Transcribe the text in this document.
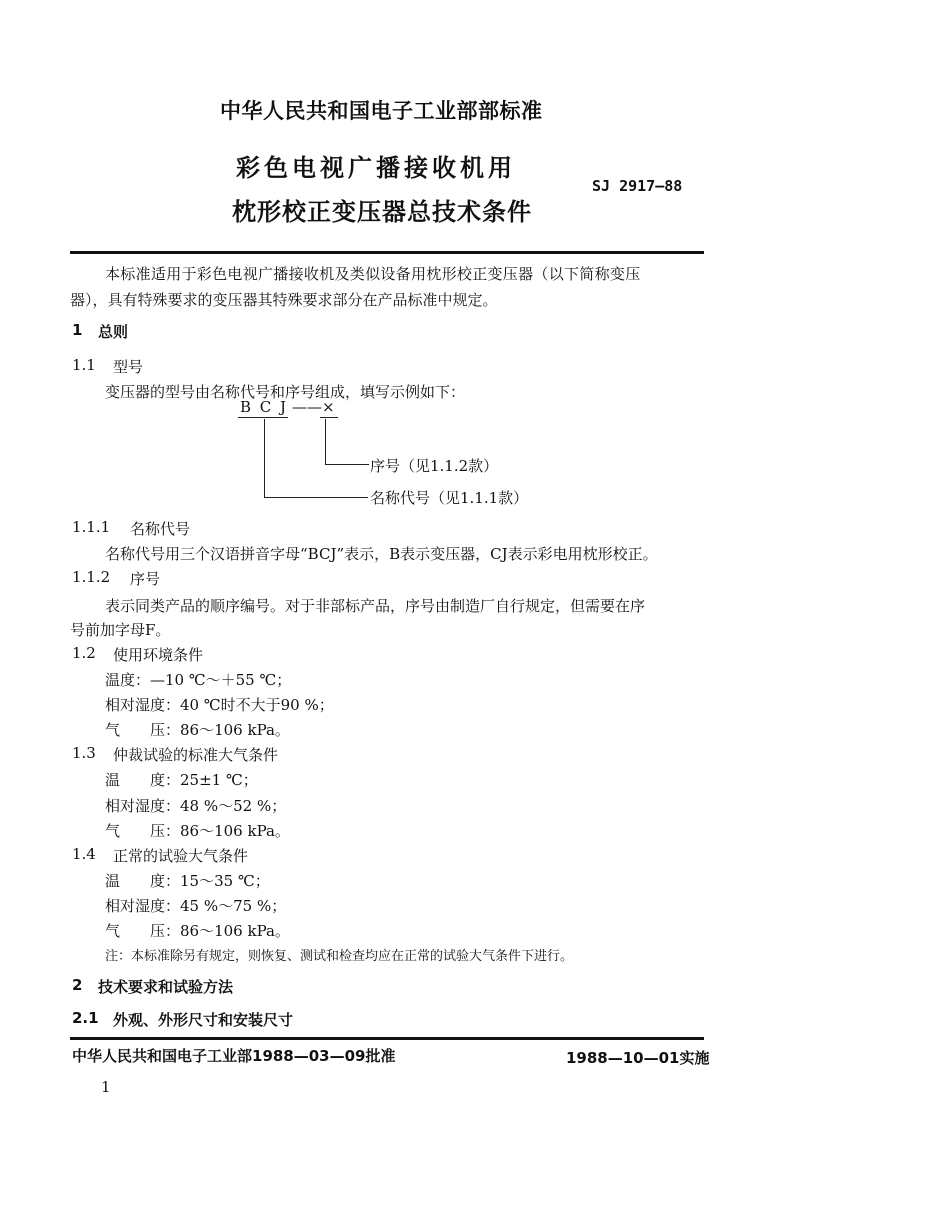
中华人民共和国电子工业部部标准
彩色电视广播接收机用
枕形校正变压器总技术条件
SJ 2917—88
本标准适用于彩色电视广播接收机及类似设备用枕形校正变压器（以下简称变压
器），具有特殊要求的变压器其特殊要求部分在产品标准中规定。
1 总则
1.1 型号
变压器的型号由名称代号和序号组成，填写示例如下：
B C J ——×
序号（见1.1.2款）
名称代号（见1.1.1款）
1.1.1 名称代号
名称代号用三个汉语拼音字母“BCJ”表示，B表示变压器，CJ表示彩电用枕形校正。
1.1.2 序号
表示同类产品的顺序编号。对于非部标产品，序号由制造厂自行规定，但需要在序
号前加字母F。
1.2 使用环境条件
温度：—10 ℃～＋55 ℃；
相对湿度：40 ℃时不大于90 %；
气　　压：86～106 kPa。
1.3 仲裁试验的标准大气条件
温　　度：25±1 ℃；
相对湿度：48 %～52 %；
气　　压：86～106 kPa。
1.4 正常的试验大气条件
温　　度：15～35 ℃；
相对湿度：45 %～75 %；
气　　压：86～106 kPa。
注：本标准除另有规定，则恢复、测试和检查均应在正常的试验大气条件下进行。
2 技术要求和试验方法
2.1 外观、外形尺寸和安装尺寸
中华人民共和国电子工业部1988—03—09批准	1988—10—01实施
1
